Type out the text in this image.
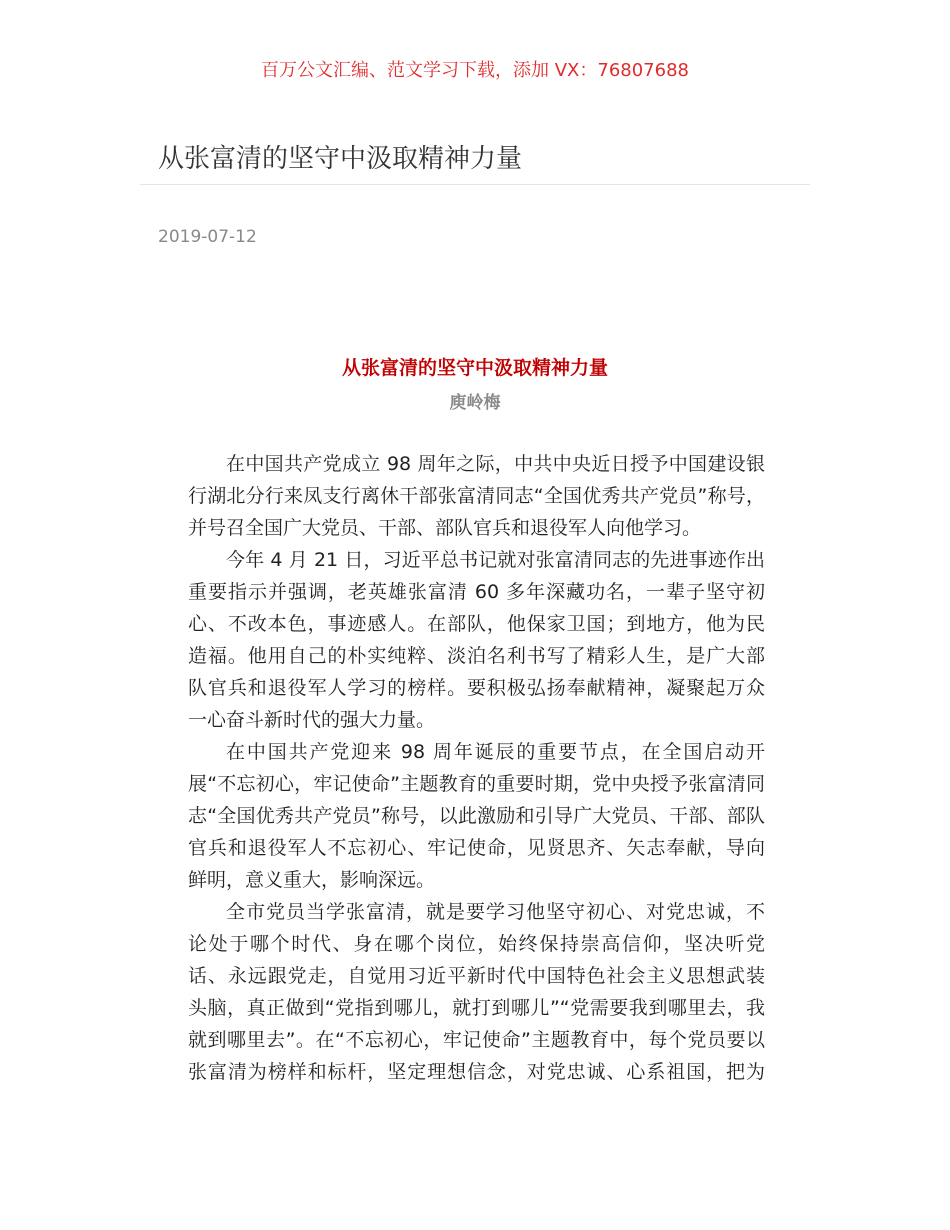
百万公文汇编、范文学习下载，添加 VX：76807688
从张富清的坚守中汲取精神力量
2019-07-12
从张富清的坚守中汲取精神力量
庾岭梅
在中国共产党成立 98 周年之际，中共中央近日授予中国建设银
行湖北分行来凤支行离休干部张富清同志“全国优秀共产党员”称号，
并号召全国广大党员、干部、部队官兵和退役军人向他学习。
今年 4 月 21 日，习近平总书记就对张富清同志的先进事迹作出
重要指示并强调，老英雄张富清 60 多年深藏功名，一辈子坚守初
心、不改本色，事迹感人。在部队，他保家卫国；到地方，他为民
造福。他用自己的朴实纯粹、淡泊名利书写了精彩人生，是广大部
队官兵和退役军人学习的榜样。要积极弘扬奉献精神，凝聚起万众
一心奋斗新时代的强大力量。
在中国共产党迎来 98 周年诞辰的重要节点，在全国启动开
展“不忘初心，牢记使命”主题教育的重要时期，党中央授予张富清同
志“全国优秀共产党员”称号，以此激励和引导广大党员、干部、部队
官兵和退役军人不忘初心、牢记使命，见贤思齐、矢志奉献，导向
鲜明，意义重大，影响深远。
全市党员当学张富清，就是要学习他坚守初心、对党忠诚，不
论处于哪个时代、身在哪个岗位，始终保持崇高信仰，坚决听党
话、永远跟党走，自觉用习近平新时代中国特色社会主义思想武装
头脑，真正做到“党指到哪儿，就打到哪儿”“党需要我到哪里去，我
就到哪里去”。在“不忘初心，牢记使命”主题教育中，每个党员要以
张富清为榜样和标杆，坚定理想信念，对党忠诚、心系祖国，把为
